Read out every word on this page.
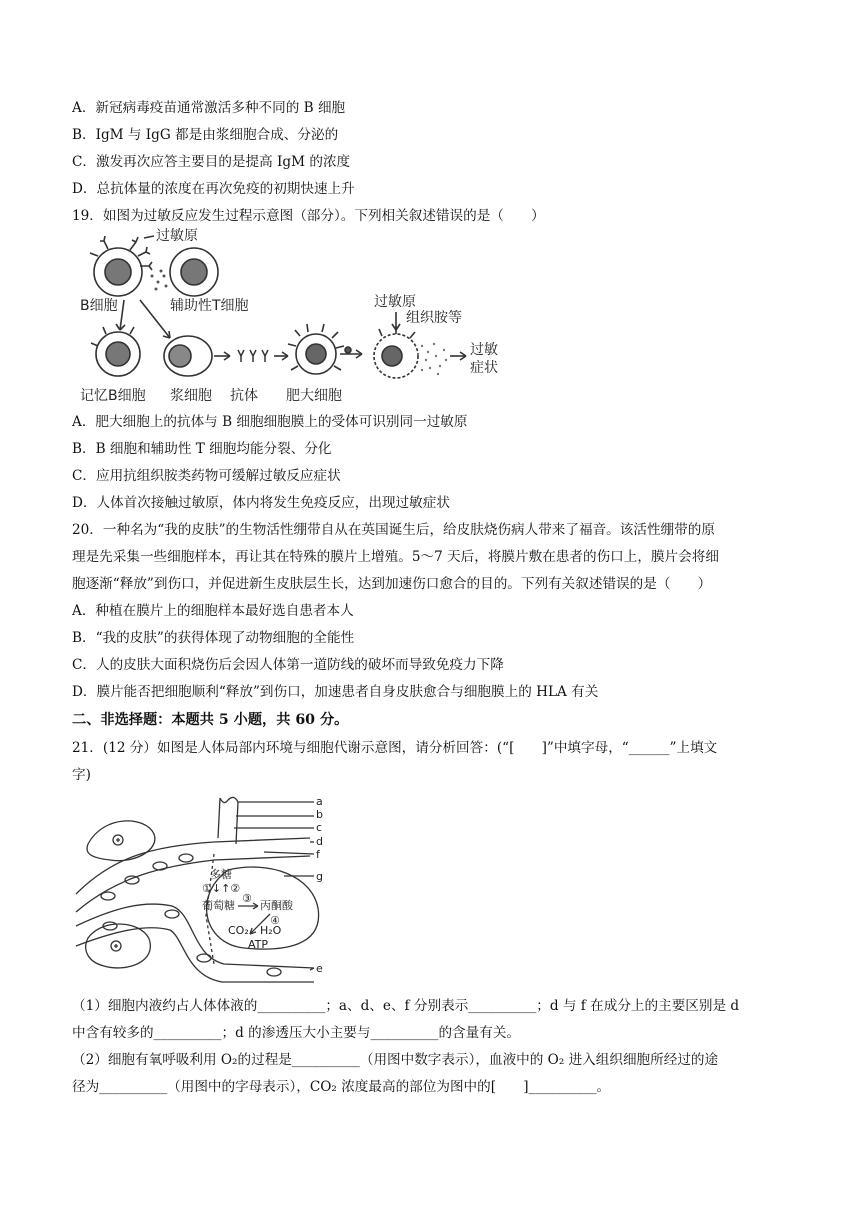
A．新冠病毒疫苗通常激活多种不同的 B 细胞
B．IgM 与 IgG 都是由浆细胞合成、分泌的
C．激发再次应答主要目的是提高 IgM 的浓度
D．总抗体量的浓度在再次免疫的初期快速上升
19．如图为过敏反应发生过程示意图（部分）。下列相关叙述错误的是（　　）
过敏原
B细胞	辅助性T细胞
记忆B细胞 浆细胞 抗体 肥大细胞
过敏原
组织胺等
过敏
症状
A．肥大细胞上的抗体与 B 细胞细胞膜上的受体可识别同一过敏原
B．B 细胞和辅助性 T 细胞均能分裂、分化
C．应用抗组织胺类药物可缓解过敏反应症状
D．人体首次接触过敏原，体内将发生免疫反应，出现过敏症状
20．一种名为“我的皮肤”的生物活性绷带自从在英国诞生后，给皮肤烧伤病人带来了福音。该活性绷带的原
理是先采集一些细胞样本，再让其在特殊的膜片上增殖。5～7 天后，将膜片敷在患者的伤口上，膜片会将细
胞逐渐“释放”到伤口，并促进新生皮肤层生长，达到加速伤口愈合的目的。下列有关叙述错误的是（　　）
A．种植在膜片上的细胞样本最好选自患者本人
B．“我的皮肤”的获得体现了动物细胞的全能性
C．人的皮肤大面积烧伤后会因人体第一道防线的破坏而导致免疫力下降
D．膜片能否把细胞顺利“释放”到伤口，加速患者自身皮肤愈合与细胞膜上的 HLA 有关
二、非选择题：本题共 5 小题，共 60 分。
21．(12 分）如图是人体局部内环境与细胞代谢示意图，请分析回答：(“[　　]”中填字母，“______”上填文
字)
a
b
c
d
f
g
e
多糖
①↓↑②
葡萄糖
③
丙酮酸
④
CO₂ H₂O
ATP
（1）细胞内液约占人体体液的__________；a、d、e、f 分别表示__________；d 与 f 在成分上的主要区别是 d
中含有较多的__________；d 的渗透压大小主要与__________的含量有关。
（2）细胞有氧呼吸利用 O₂的过程是__________（用图中数字表示），血液中的 O₂ 进入组织细胞所经过的途
径为__________（用图中的字母表示），CO₂ 浓度最高的部位为图中的[　　]__________。
